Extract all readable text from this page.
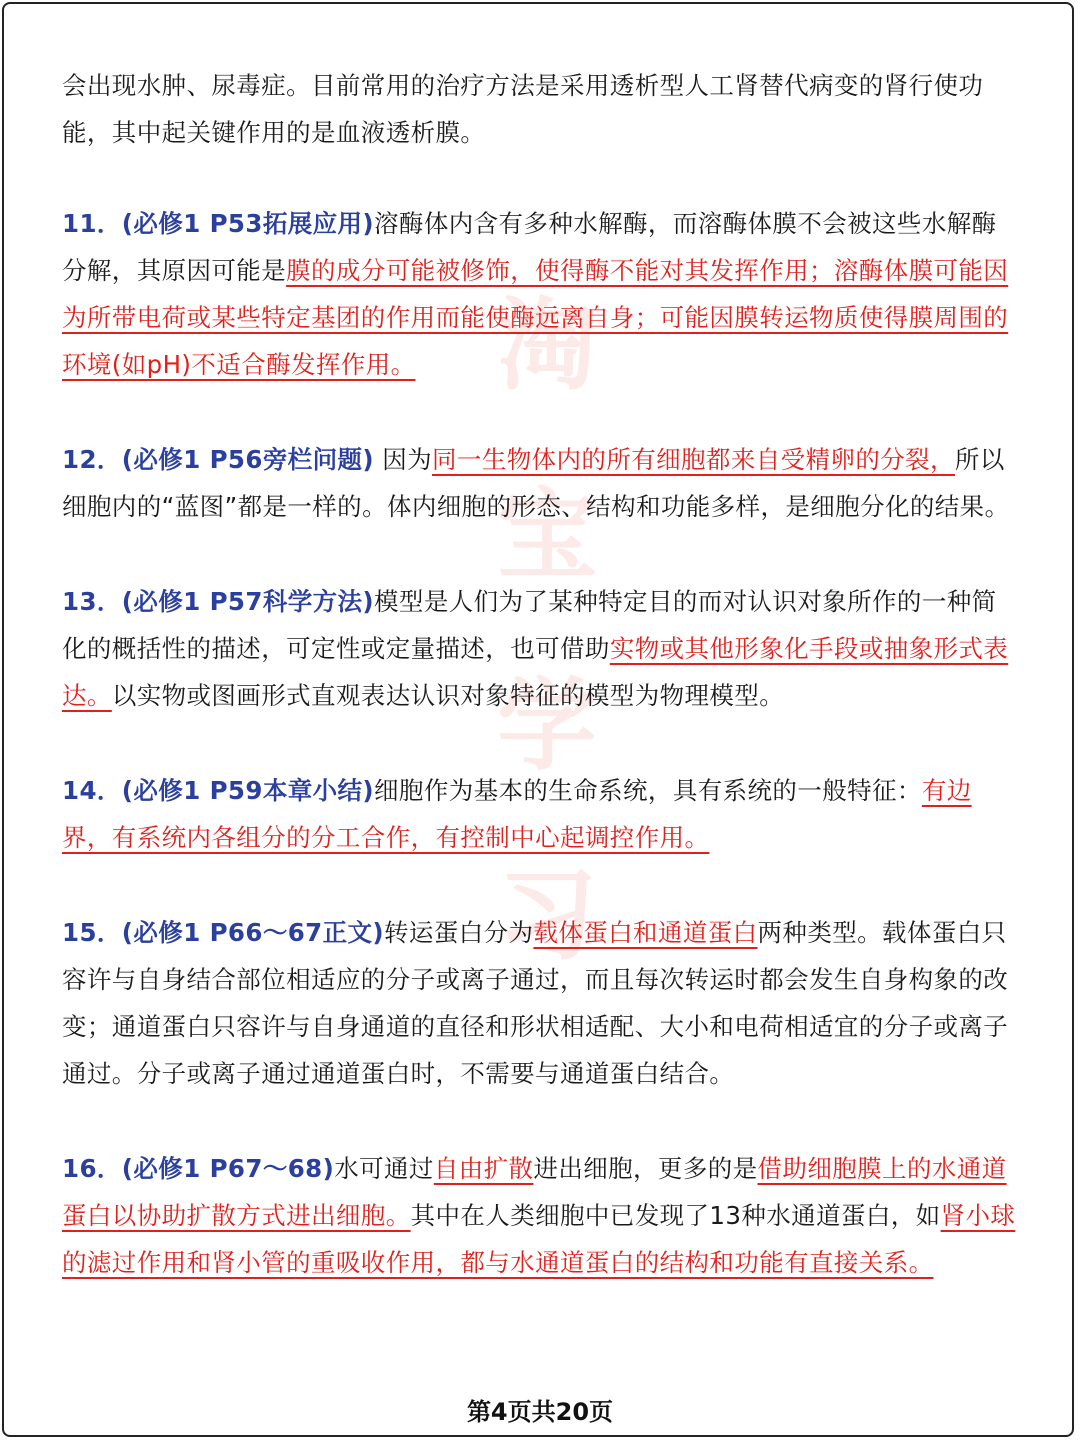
淘
宝
学
习

会出现水肿、尿毒症。目前常用的治疗方法是采用透析型人工肾替代病变的肾行使功能，其中起关键作用的是血液透析膜。

11．(必修1 P53拓展应用)溶酶体内含有多种水解酶，而溶酶体膜不会被这些水解酶分解，其原因可能是膜的成分可能被修饰，使得酶不能对其发挥作用；溶酶体膜可能因为所带电荷或某些特定基团的作用而能使酶远离自身；可能因膜转运物质使得膜周围的环境(如pH)不适合酶发挥作用。

12．(必修1 P56旁栏问题) 因为同一生物体内的所有细胞都来自受精卵的分裂，所以细胞内的“蓝图”都是一样的。体内细胞的形态、结构和功能多样，是细胞分化的结果。

13．(必修1 P57科学方法)模型是人们为了某种特定目的而对认识对象所作的一种简化的概括性的描述，可定性或定量描述，也可借助实物或其他形象化手段或抽象形式表达。以实物或图画形式直观表达认识对象特征的模型为物理模型。

14．(必修1 P59本章小结)细胞作为基本的生命系统，具有系统的一般特征：有边界，有系统内各组分的分工合作，有控制中心起调控作用。

15．(必修1 P66～67正文)转运蛋白分为载体蛋白和通道蛋白两种类型。载体蛋白只容许与自身结合部位相适应的分子或离子通过，而且每次转运时都会发生自身构象的改变；通道蛋白只容许与自身通道的直径和形状相适配、大小和电荷相适宜的分子或离子通过。分子或离子通过通道蛋白时，不需要与通道蛋白结合。

16．(必修1 P67～68)水可通过自由扩散进出细胞，更多的是借助细胞膜上的水通道蛋白以协助扩散方式进出细胞。其中在人类细胞中已发现了13种水通道蛋白，如肾小球的滤过作用和肾小管的重吸收作用，都与水通道蛋白的结构和功能有直接关系。

第4页共20页
